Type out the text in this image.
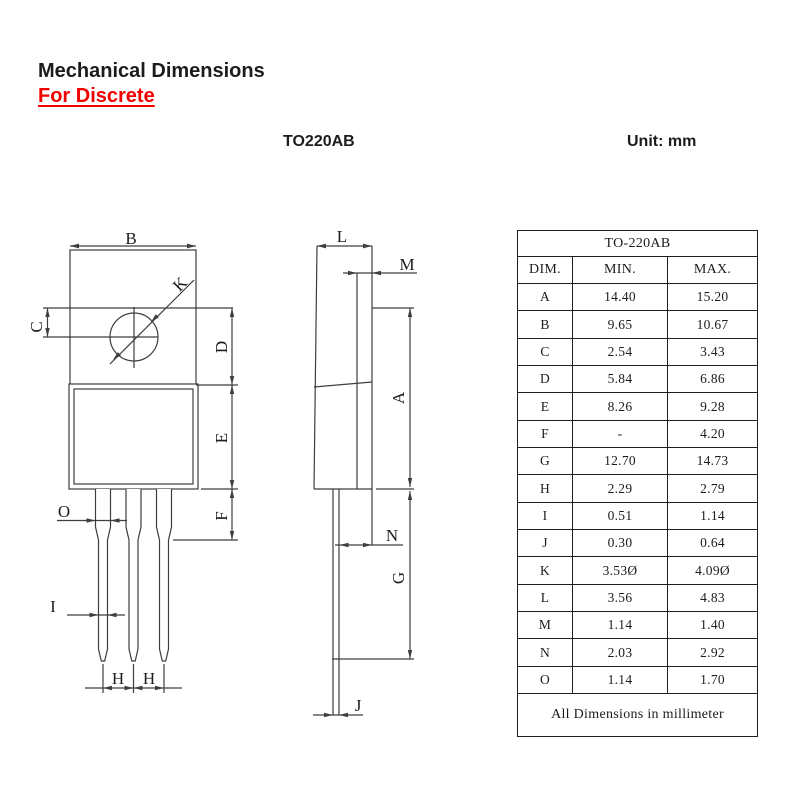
Mechanical Dimensions
For Discrete
TO220AB	Unit: mm
B
C
K
D
E
F
O
I
H H
L
M
A
N
G
J
TO-220AB		
DIM.	MIN.	MAX.
A	14.40	15.20
B	9.65	10.67
C	2.54	3.43
D	5.84	6.86
E	8.26	9.28
F	-	4.20
G	12.70	14.73
H	2.29	2.79
I	0.51	1.14
J	0.30	0.64
K	3.53Ø	4.09Ø
L	3.56	4.83
M	1.14	1.40
N	2.03	2.92
O	1.14	1.70
All Dimensions in millimeter		
